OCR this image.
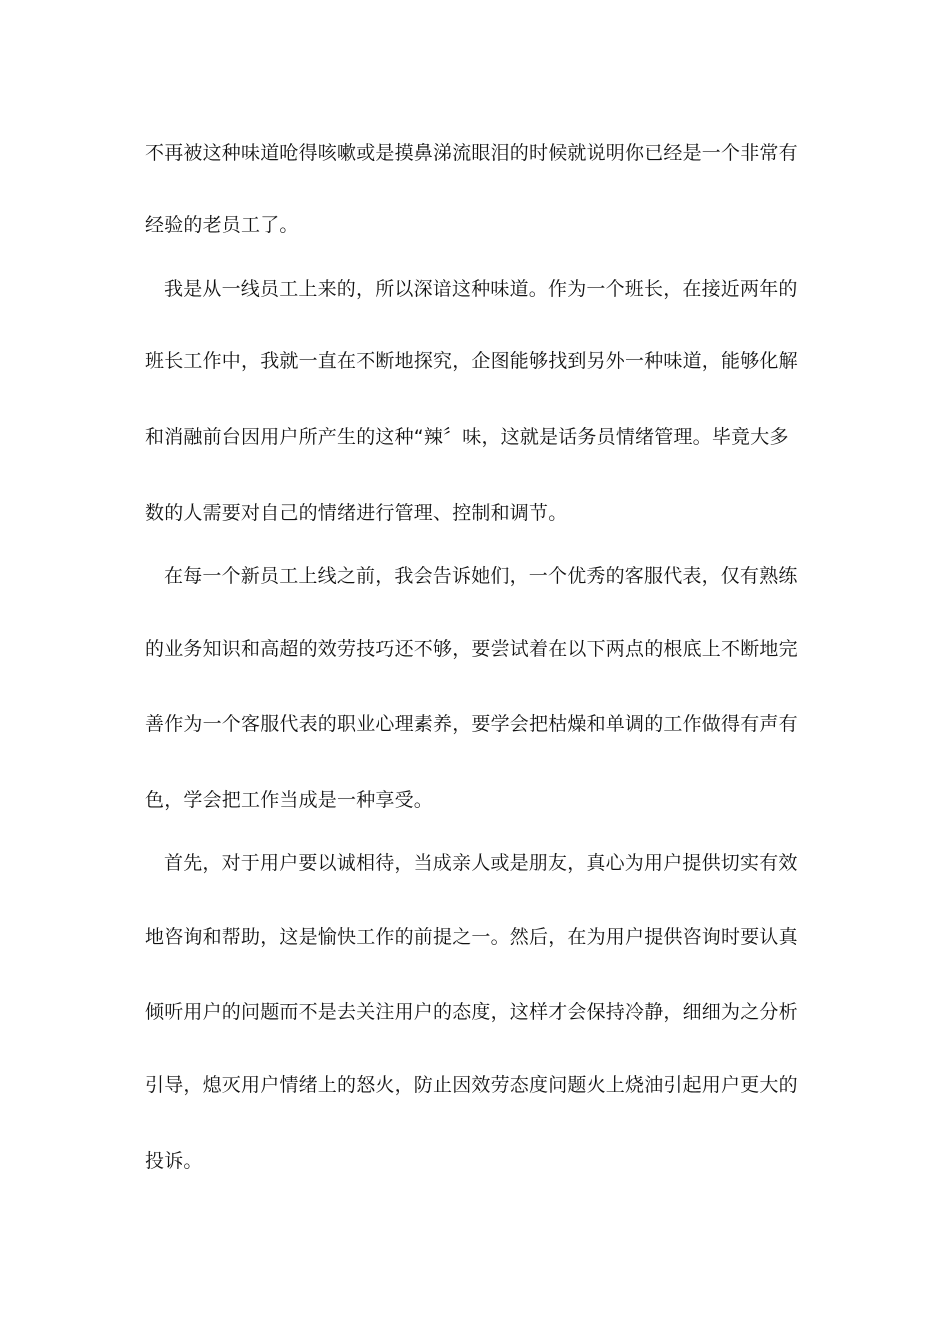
不再被这种味道呛得咳嗽或是摸鼻涕流眼泪的时候就说明你已经是一个非常有
经验的老员工了。
我是从一线员工上来的，所以深谙这种味道。作为一个班长，在接近两年的
班长工作中，我就一直在不断地探究，企图能够找到另外一种味道，能够化解
和消融前台因用户所产生的这种“辣〞味，这就是话务员情绪管理。毕竟大多
数的人需要对自己的情绪进行管理、控制和调节。
在每一个新员工上线之前，我会告诉她们，一个优秀的客服代表，仅有熟练
的业务知识和高超的效劳技巧还不够，要尝试着在以下两点的根底上不断地完
善作为一个客服代表的职业心理素养，要学会把枯燥和单调的工作做得有声有
色，学会把工作当成是一种享受。
首先，对于用户要以诚相待，当成亲人或是朋友，真心为用户提供切实有效
地咨询和帮助，这是愉快工作的前提之一。然后，在为用户提供咨询时要认真
倾听用户的问题而不是去关注用户的态度，这样才会保持冷静，细细为之分析
引导，熄灭用户情绪上的怒火，防止因效劳态度问题火上烧油引起用户更大的
投诉。
